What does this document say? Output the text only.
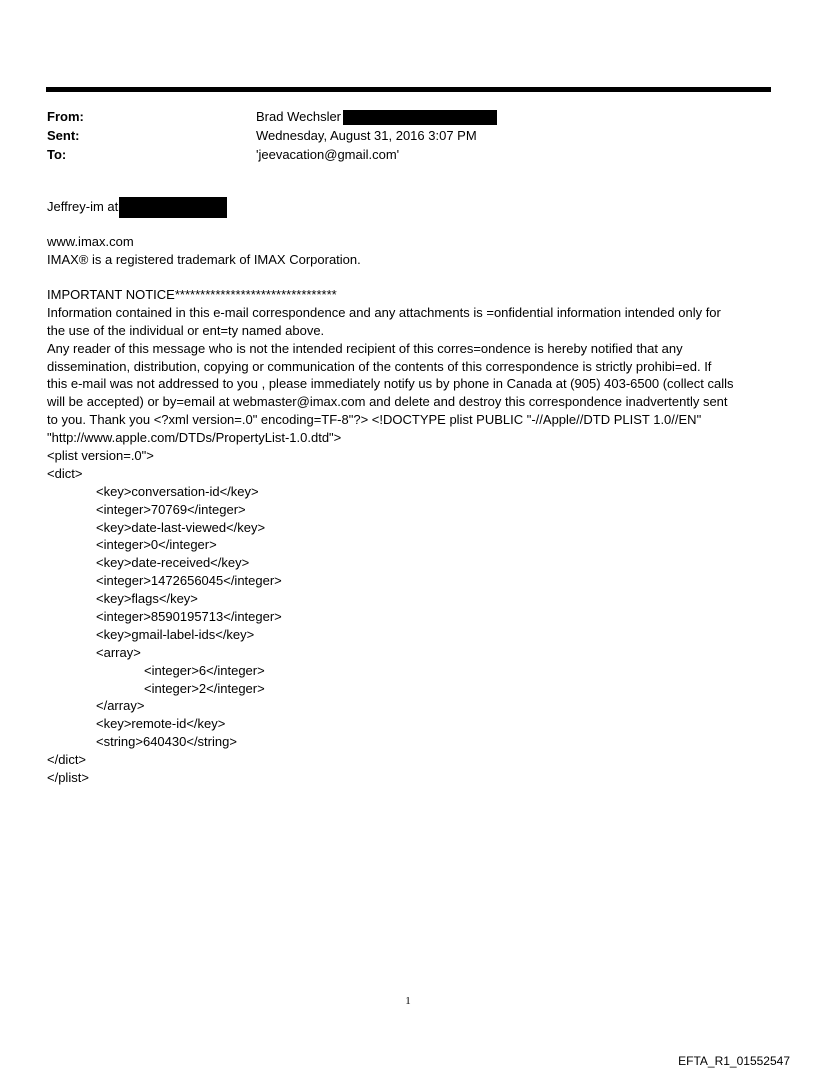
From:	Brad Wechsler
Sent:	Wednesday, August 31, 2016 3:07 PM
To:	'jeevacation@gmail.com'
Jeffrey-im at
www.imax.com
IMAX® is a registered trademark of IMAX Corporation.
IMPORTANT NOTICE********************************
Information contained in this e-mail correspondence and any attachments is =onfidential information intended only for
the use of the individual or ent=ty named above.
Any reader of this message who is not the intended recipient of this corres=ondence is hereby notified that any
dissemination, distribution, copying or communication of the contents of this correspondence is strictly prohibi=ed. If
this e-mail was not addressed to you , please immediately notify us by phone in Canada at (905) 403-6500 (collect calls
will be accepted) or by=email at webmaster@imax.com and delete and destroy this correspondence inadvertently sent
to you. Thank you <?xml version=.0" encoding=TF-8"?> <!DOCTYPE plist PUBLIC "-//Apple//DTD PLIST 1.0//EN"
"http://www.apple.com/DTDs/PropertyList-1.0.dtd">
<plist version=.0">
<dict>
<key>conversation-id</key>
<integer>70769</integer>
<key>date-last-viewed</key>
<integer>0</integer>
<key>date-received</key>
<integer>1472656045</integer>
<key>flags</key>
<integer>8590195713</integer>
<key>gmail-label-ids</key>
<array>
<integer>6</integer>
<integer>2</integer>
</array>
<key>remote-id</key>
<string>640430</string>
</dict>
</plist>
1
EFTA_R1_01552547
